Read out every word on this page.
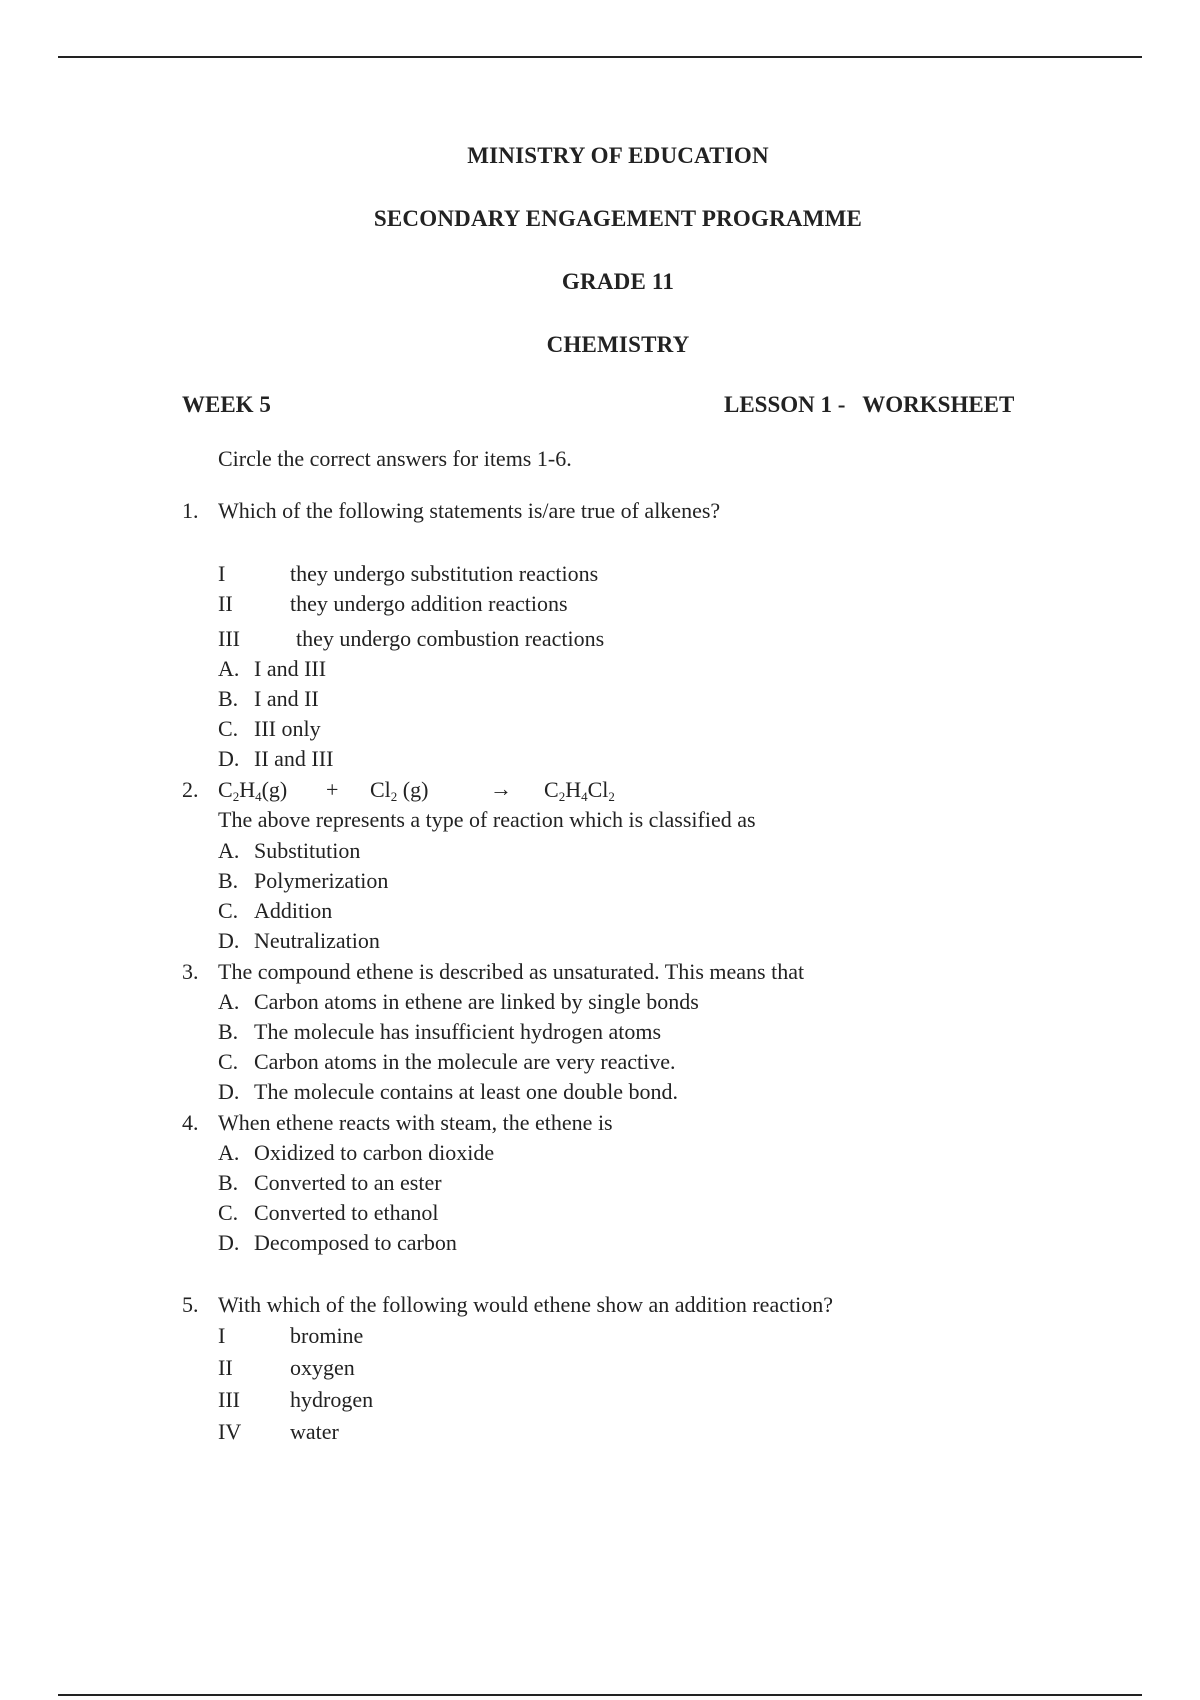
MINISTRY OF EDUCATION
SECONDARY ENGAGEMENT PROGRAMME
GRADE 11
CHEMISTRY
WEEK 5	LESSON 1 -   WORKSHEET
Circle the correct answers for items 1-6.
1. Which of the following statements is/are true of alkenes?
I	they undergo substitution reactions
II	they undergo addition reactions
III	they undergo combustion reactions
A. I and III
B. I and II
C. III only
D. II and III
2. $C_2H_4(g) + Cl_2$ (g)	→ $C_2H_4Cl_2$
The above represents a type of reaction which is classified as
A. Substitution
B. Polymerization
C. Addition
D. Neutralization
3. The compound ethene is described as unsaturated. This means that
A. Carbon atoms in ethene are linked by single bonds
B. The molecule has insufficient hydrogen atoms
C. Carbon atoms in the molecule are very reactive.
D. The molecule contains at least one double bond.
4. When ethene reacts with steam, the ethene is
A. Oxidized to carbon dioxide
B. Converted to an ester
C. Converted to ethanol
D. Decomposed to carbon
5. With which of the following would ethene show an addition reaction?
I	bromine
II	oxygen
III hydrogen
IV water
